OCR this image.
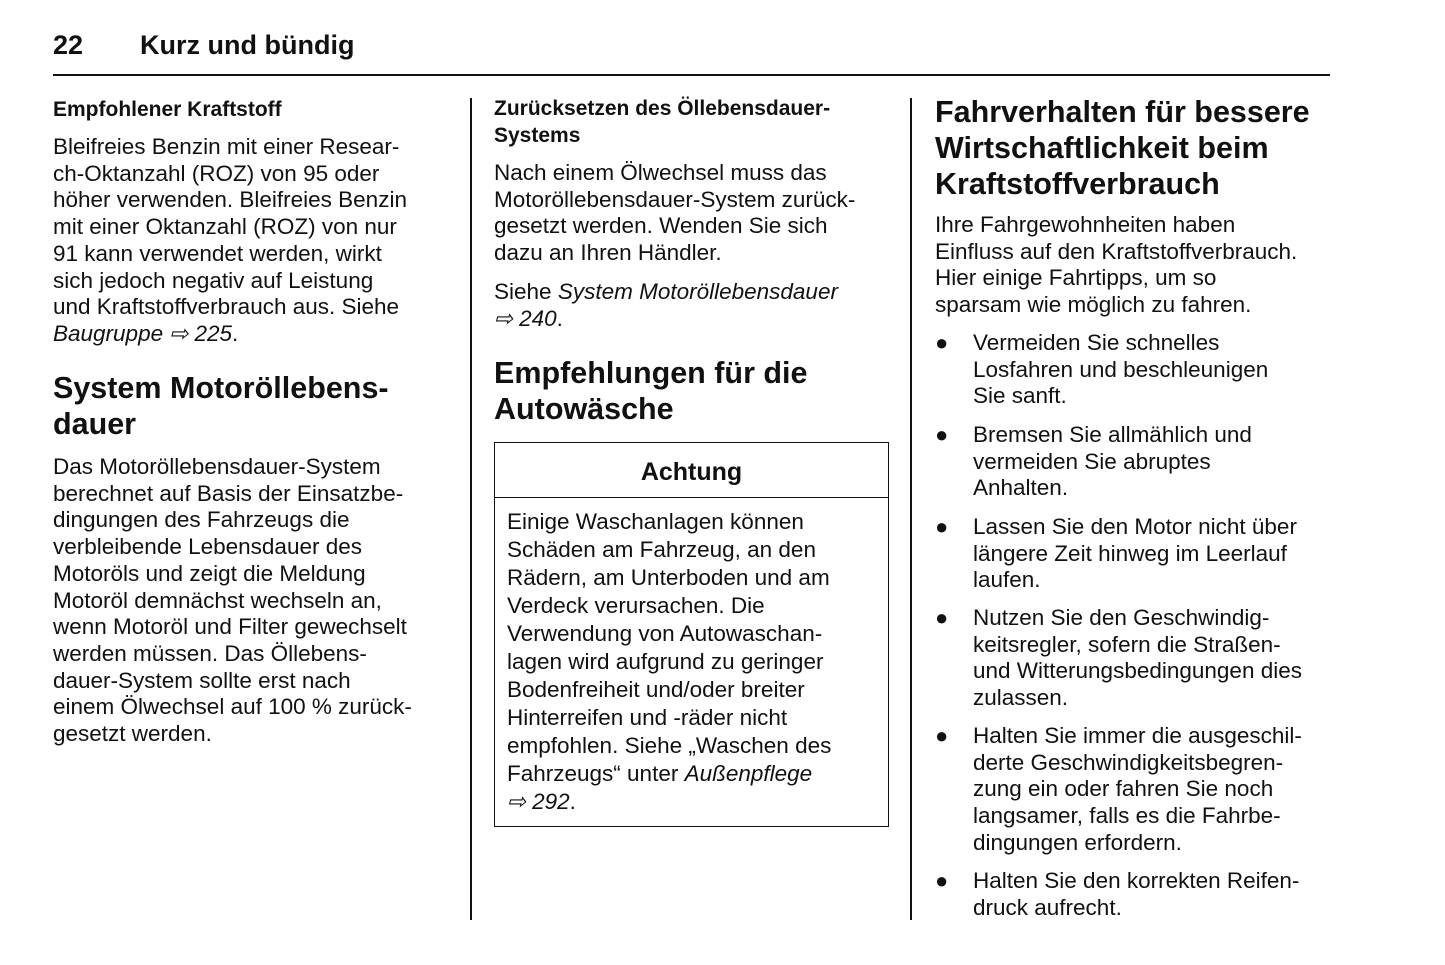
22 Kurz und bündig
Empfohlener Kraftstoff
Bleifreies Benzin mit einer Resear-
ch-Oktanzahl (ROZ) von 95 oder
höher verwenden. Bleifreies Benzin
mit einer Oktanzahl (ROZ) von nur
91 kann verwendet werden, wirkt
sich jedoch negativ auf Leistung
und Kraftstoffverbrauch aus. Siehe
Baugruppe ⇨ 225.
System Motoröllebens-
dauer
Das Motoröllebensdauer-System
berechnet auf Basis der Einsatzbe-
dingungen des Fahrzeugs die
verbleibende Lebensdauer des
Motoröls und zeigt die Meldung
Motoröl demnächst wechseln an,
wenn Motoröl und Filter gewechselt
werden müssen. Das Öllebens-
dauer-System sollte erst nach
einem Ölwechsel auf 100 % zurück-
gesetzt werden.
Zurücksetzen des Öllebensdauer-
Systems
Nach einem Ölwechsel muss das
Motoröllebensdauer-System zurück-
gesetzt werden. Wenden Sie sich
dazu an Ihren Händler.
Siehe System Motoröllebensdauer
⇨ 240.
Empfehlungen für die
Autowäsche
Achtung
Einige Waschanlagen können
Schäden am Fahrzeug, an den
Rädern, am Unterboden und am
Verdeck verursachen. Die
Verwendung von Autowaschan-
lagen wird aufgrund zu geringer
Bodenfreiheit und/oder breiter
Hinterreifen und -räder nicht
empfohlen. Siehe „Waschen des
Fahrzeugs“ unter Außenpflege
⇨ 292.
Fahrverhalten für bessere
Wirtschaftlichkeit beim
Kraftstoffverbrauch
Ihre Fahrgewohnheiten haben
Einfluss auf den Kraftstoffverbrauch.
Hier einige Fahrtipps, um so
sparsam wie möglich zu fahren.
● Vermeiden Sie schnelles
Losfahren und beschleunigen
Sie sanft.
● Bremsen Sie allmählich und
vermeiden Sie abruptes
Anhalten.
● Lassen Sie den Motor nicht über
längere Zeit hinweg im Leerlauf
laufen.
● Nutzen Sie den Geschwindig-
keitsregler, sofern die Straßen-
und Witterungsbedingungen dies
zulassen.
● Halten Sie immer die ausgeschil-
derte Geschwindigkeitsbegren-
zung ein oder fahren Sie noch
langsamer, falls es die Fahrbe-
dingungen erfordern.
● Halten Sie den korrekten Reifen-
druck aufrecht.
